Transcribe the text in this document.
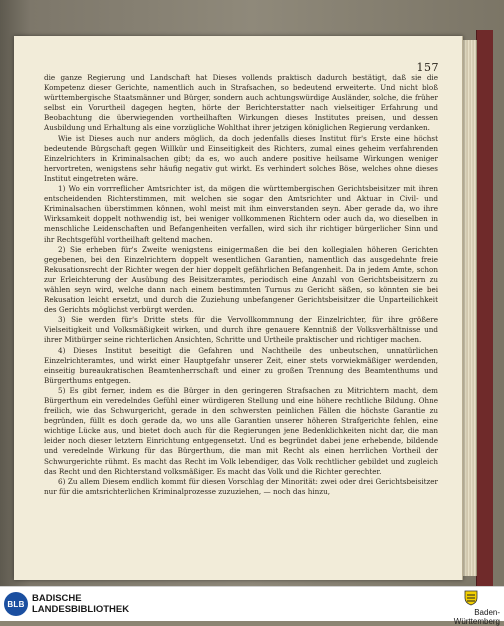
157

die ganze Regierung und Landschaft hat Dieses vollends praktisch dadurch bestätigt, daß sie die Kompetenz dieser Gerichte, namentlich auch in Strafsachen, so bedeutend erweiterte. Und nicht bloß württembergische Staatsmänner und Bürger, sondern auch achtungswürdige Ausländer, solche, die früher selbst ein Vorurtheil dagegen hegten, hörte der Berichterstatter nach vielseitiger Erfahrung und Beobachtung die überwiegenden vortheilhaften Wirkungen dieses Institutes preisen, und dessen Ausbildung und Erhaltung als eine vorzügliche Wohlthat ihrer jetzigen königlichen Regierung verdanken.

Wie ist Dieses auch nur anders möglich, da doch jedenfalls dieses Institut für's Erste eine höchst bedeutende Bürgschaft gegen Willkür und Einseitigkeit des Richters, zumal eines geheim verfahrenden Einzelrichters in Kriminalsachen gibt; da es, wo auch andere positive heilsame Wirkungen weniger hervortreten, wenigstens sehr häufig negativ gut wirkt. Es verhindert solches Böse, welches ohne dieses Institut eingetreten wäre.

1) Wo ein vorrreflicher Amtsrichter ist, da mögen die württembergischen Gerichtsbeisitzer mit ihren entscheidenden Richterstimmen, mit welchen sie sogar den Amtsrichter und Aktuar in Civil- und Kriminalsachen überstimmen können, wohl meist mit ihm einverstanden seyn. Aber gerade da, wo ihre Wirksamkeit doppelt nothwendig ist, bei weniger vollkommenen Richtern oder auch da, wo dieselben in menschliche Leidenschaften und Befangenheiten verfallen, wird sich ihr richtiger bürgerlicher Sinn und ihr Rechtsgefühl vortheilhaft geltend machen.

2) Sie erheben für's Zweite wenigstens einigermaßen die bei den kollegialen höheren Gerichten gegebenen, bei den Einzelrichtern doppelt wesentlichen Garantien, namentlich das ausgedehnte freie Rekusationsrecht der Richter wegen der hier doppelt gefährlichen Befangenheit. Da in jedem Amte, schon zur Erleichterung der Ausübung des Beisitzeramtes, periodisch eine Anzahl von Gerichtsbeisitzern zu wählen seyn wird, welche dann nach einem bestimmten Turnus zu Gericht säßen, so könnten sie bei Rekusation leicht ersetzt, und durch die Zuziehung unbefangener Gerichtsbeisitzer die Unparteilichkeit des Gerichts möglichst verbürgt werden.

3) Sie werden für's Dritte stets für die Vervollkommnung der Einzelrichter, für ihre größere Vielseitigkeit und Volksmäßigkeit wirken, und durch ihre genauere Kenntniß der Volksverhältnisse und ihrer Mitbürger seine richterlichen Ansichten, Schritte und Urtheile praktischer und richtiger machen.

4) Dieses Institut beseitigt die Gefahren und Nachtheile des unbeutschen, unnatürlichen Einzelrichteramtes, und wirkt einer Hauptgefahr unserer Zeit, einer stets vorwiekmäßiger werdenden, einseitig bureaukratischen Beamtenherrschaft und einer zu großen Trennung des Beamtenthums und Bürgerthums entgegen.

5) Es gibt ferner, indem es die Bürger in den geringeren Strafsachen zu Mitrichtern macht, dem Bürgerthum ein veredelndes Gefühl einer würdigeren Stellung und eine höhere rechtliche Bildung. Ohne freilich, wie das Schwurgericht, gerade in den schwersten peinlichen Fällen die höchste Garantie zu begründen, füllt es doch gerade da, wo uns alle Garantien unserer höheren Strafgerichte fehlen, eine wichtige Lücke aus, und bietet doch auch für die Regierungen jene Bedenklichkeiten nicht dar, die man leider noch dieser letztern Einrichtung entgegensetzt. Und es begründet dabei jene erhebende, bildende und veredelnde Wirkung für das Bürgerthum, die man mit Recht als einen herrlichen Vortheil der Schwurgerichte rühmt. Es macht das Recht im Volk lebendiger, das Volk rechtlicher gebildet und zugleich das Recht und den Richterstand volksmäßiger. Es macht das Volk und die Richter gerechter.

6) Zu allem Diesem endlich kommt für diesen Vorschlag der Minorität: zwei oder drei Gerichtsbeisitzer nur für die amtsrichterlichen Kriminalprozesse zuzuziehen, — noch das hinzu,

BLB BADISCHE
LANDESBIBLIOTHEK	Baden-Württemberg
